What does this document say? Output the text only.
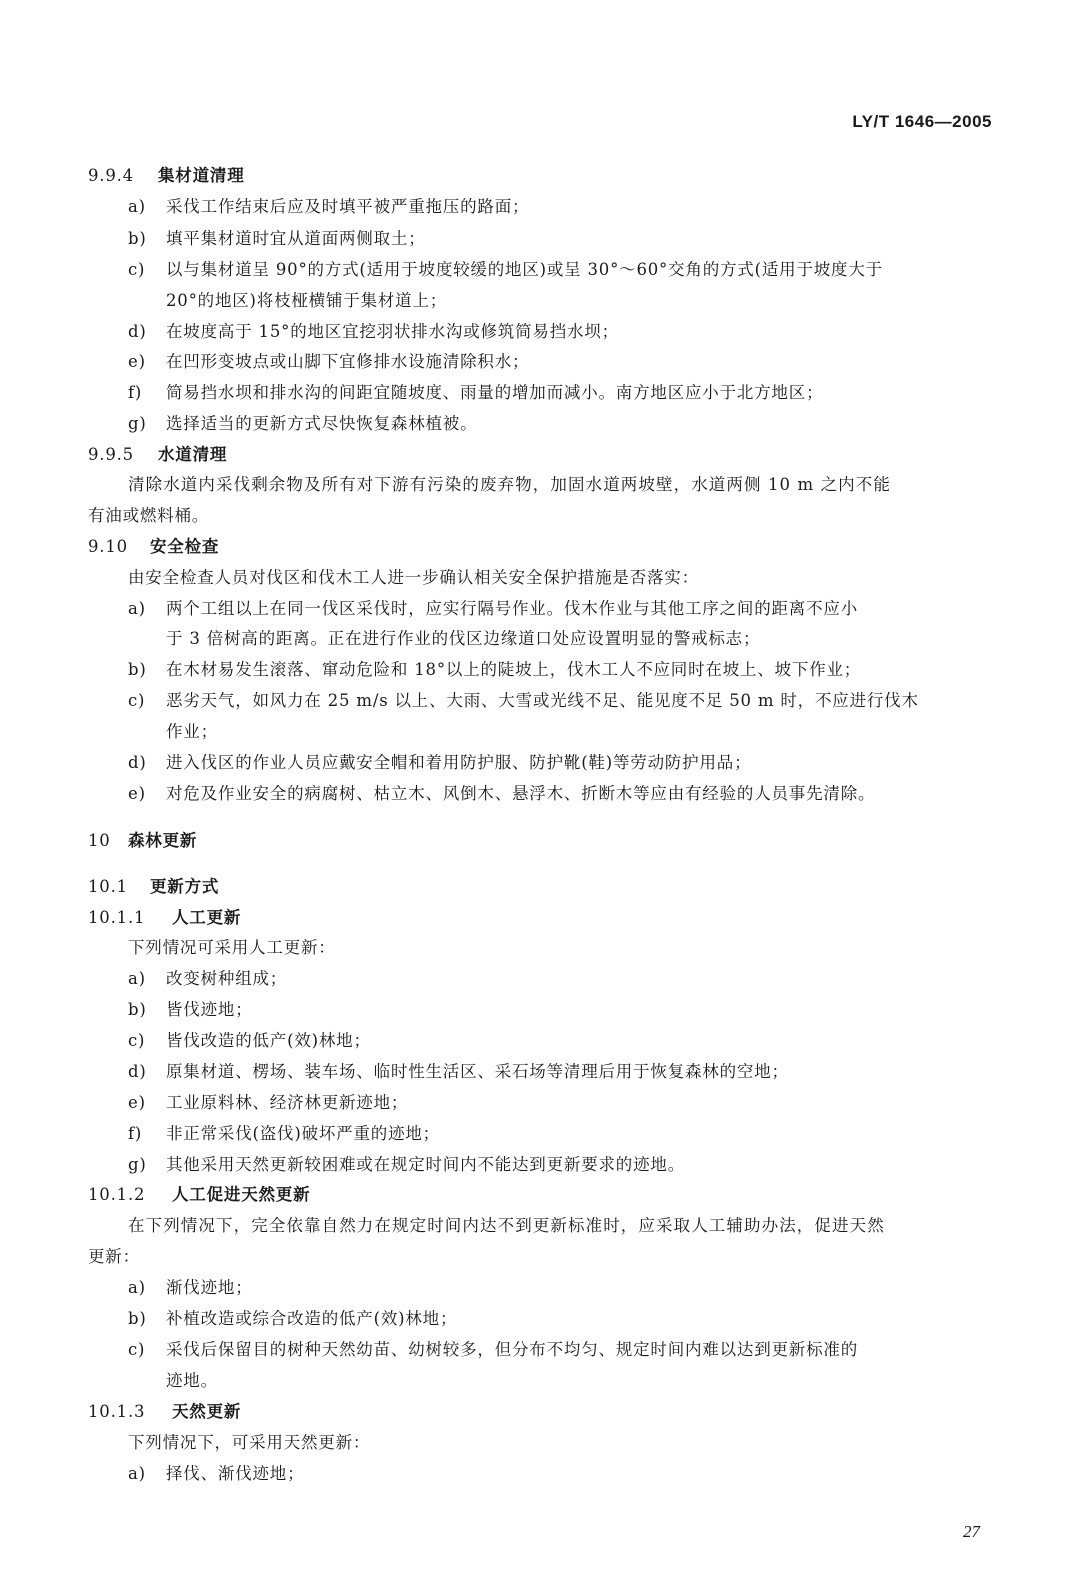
LY/T 1646—2005
9.9.4 集材道清理
a) 采伐工作结束后应及时填平被严重拖压的路面；
b) 填平集材道时宜从道面两侧取土；
c) 以与集材道呈 90°的方式(适用于坡度较缓的地区)或呈 30°～60°交角的方式(适用于坡度大于
20°的地区)将枝桠横铺于集材道上；
d) 在坡度高于 15°的地区宜挖羽状排水沟或修筑简易挡水坝；
e) 在凹形变坡点或山脚下宜修排水设施清除积水；
f) 简易挡水坝和排水沟的间距宜随坡度、雨量的增加而减小。南方地区应小于北方地区；
g) 选择适当的更新方式尽快恢复森林植被。
9.9.5 水道清理
清除水道内采伐剩余物及所有对下游有污染的废弃物，加固水道两坡壁，水道两侧 10 m 之内不能
有油或燃料桶。
9.10 安全检查
由安全检查人员对伐区和伐木工人进一步确认相关安全保护措施是否落实：
a) 两个工组以上在同一伐区采伐时，应实行隔号作业。伐木作业与其他工序之间的距离不应小
于 3 倍树高的距离。正在进行作业的伐区边缘道口处应设置明显的警戒标志；
b) 在木材易发生滚落、窜动危险和 18°以上的陡坡上，伐木工人不应同时在坡上、坡下作业；
c) 恶劣天气，如风力在 25 m/s 以上、大雨、大雪或光线不足、能见度不足 50 m 时，不应进行伐木
作业；
d) 进入伐区的作业人员应戴安全帽和着用防护服、防护靴(鞋)等劳动防护用品；
e) 对危及作业安全的病腐树、枯立木、风倒木、悬浮木、折断木等应由有经验的人员事先清除。
10 森林更新
10.1 更新方式
10.1.1 人工更新
下列情况可采用人工更新：
a) 改变树种组成；
b) 皆伐迹地；
c) 皆伐改造的低产(效)林地；
d) 原集材道、楞场、装车场、临时性生活区、采石场等清理后用于恢复森林的空地；
e) 工业原料林、经济林更新迹地；
f) 非正常采伐(盗伐)破坏严重的迹地；
g) 其他采用天然更新较困难或在规定时间内不能达到更新要求的迹地。
10.1.2 人工促进天然更新
在下列情况下，完全依靠自然力在规定时间内达不到更新标准时，应采取人工辅助办法，促进天然
更新：
a) 渐伐迹地；
b) 补植改造或综合改造的低产(效)林地；
c) 采伐后保留目的树种天然幼苗、幼树较多，但分布不均匀、规定时间内难以达到更新标准的
迹地。
10.1.3 天然更新
下列情况下，可采用天然更新：
a) 择伐、渐伐迹地；
27
